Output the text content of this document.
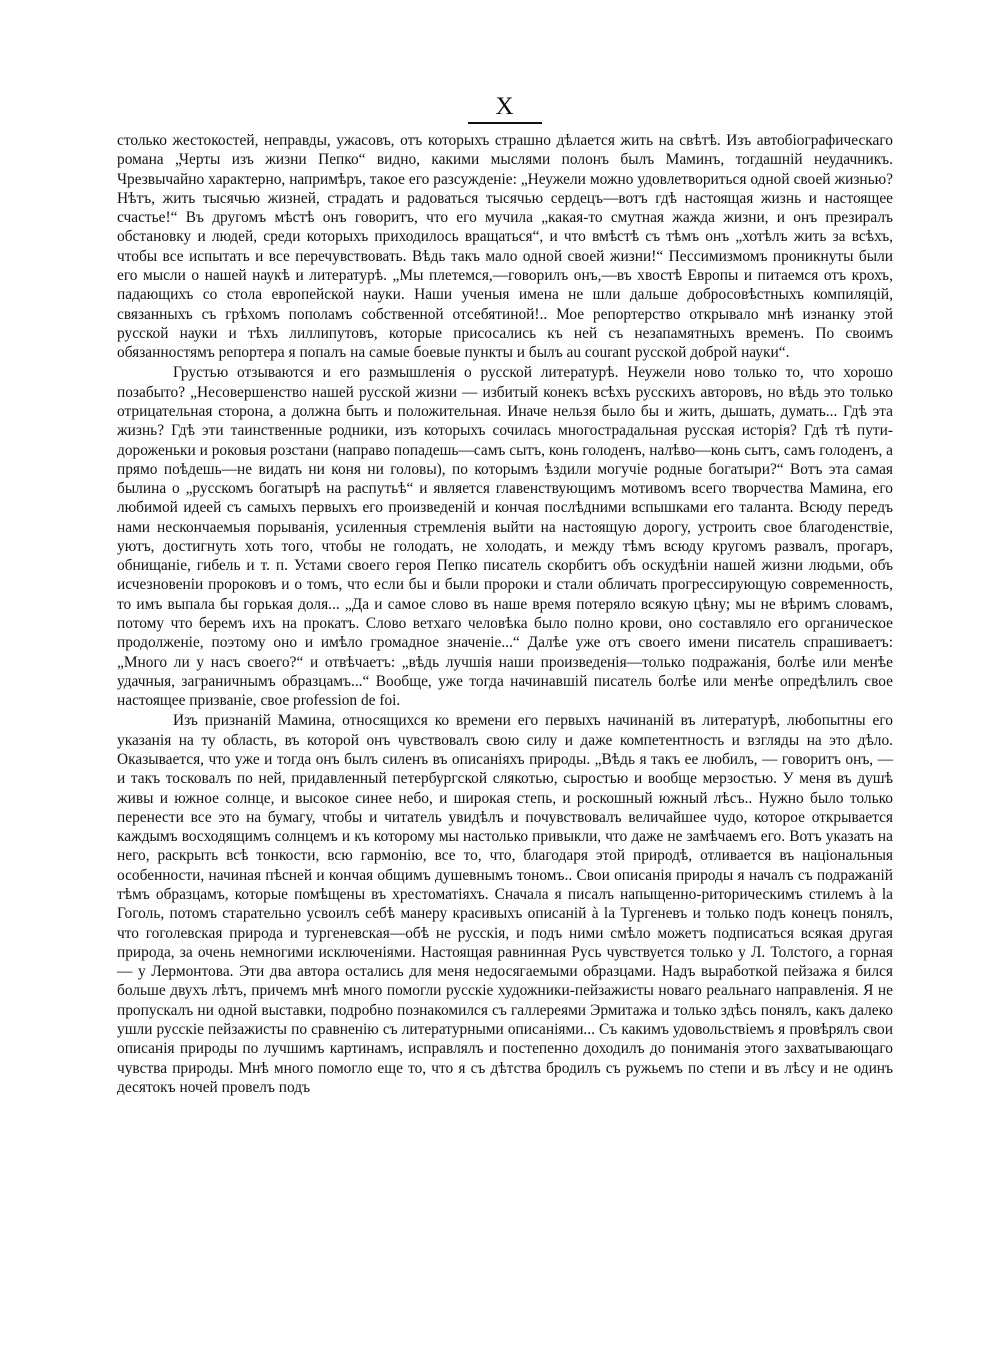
X

столько жестокостей, неправды, ужасовъ, отъ которыхъ страшно дѣлается жить на свѣтѣ. Изъ автобіографическаго романа „Черты изъ жизни Пепко“ видно, какими мыслями полонъ былъ Маминъ, тогдашній неудачникъ. Чрезвычайно характерно, напримѣръ, такое его разсужденіе: „Неужели можно удовлетвориться одной своей жизнью? Нѣтъ, жить тысячью жизней, страдать и радоваться тысячью сердецъ—вотъ гдѣ настоящая жизнь и настоящее счастье!“ Въ другомъ мѣстѣ онъ говоритъ, что его мучила „какая-то смутная жажда жизни, и онъ презиралъ обстановку и людей, среди которыхъ приходилось вращаться“, и что вмѣстѣ съ тѣмъ онъ „хотѣлъ жить за всѣхъ, чтобы все испытать и все перечувствовать. Вѣдь такъ мало одной своей жизни!“ Пессимизмомъ проникнуты были его мысли о нашей наукѣ и литературѣ. „Мы плетемся,—говорилъ онъ,—въ хвостѣ Европы и питаемся отъ крохъ, падающихъ со стола европейской науки. Наши ученыя имена не шли дальше добросовѣстныхъ компиляцій, связанныхъ съ грѣхомъ пополамъ собственной отсебятиной!.. Мое репортерство открывало мнѣ изнанку этой русской науки и тѣхъ лиллипутовъ, которые присосались къ ней съ незапамятныхъ временъ. По своимъ обязанностямъ репортера я попалъ на самые боевые пункты и былъ au courant русской доброй науки“.

Грустью отзываются и его размышленія о русской литературѣ. Неужели ново только то, что хорошо позабыто? „Несовершенство нашей русской жизни — избитый конекъ всѣхъ русскихъ авторовъ, но вѣдь это только отрицательная сторона, а должна быть и положительная. Иначе нельзя было бы и жить, дышать, думать... Гдѣ эта жизнь? Гдѣ эти таинственные родники, изъ которыхъ сочилась многострадальная русская исторія? Гдѣ тѣ пути-дороженьки и роковыя розстани (направо попадешь—самъ сытъ, конь голоденъ, налѣво—конь сытъ, самъ голоденъ, а прямо поѣдешь—не видать ни коня ни головы), по которымъ ѣздили могучіе родные богатыри?“ Вотъ эта самая былина о „русскомъ богатырѣ на распутьѣ“ и является главенствующимъ мотивомъ всего творчества Мамина, его любимой идеей съ самыхъ первыхъ его произведеній и кончая послѣдними вспышками его таланта. Всюду передъ нами нескончаемыя порыванія, усиленныя стремленія выйти на настоящую дорогу, устроить свое благоденствіе, уютъ, достигнуть хоть того, чтобы не голодать, не холодать, и между тѣмъ всюду кругомъ развалъ, прогаръ, обнищаніе, гибель и т. п. Устами своего героя Пепко писатель скорбитъ объ оскудѣніи нашей жизни людьми, объ исчезновеніи пророковъ и о томъ, что если бы и были пророки и стали обличать прогрессирующую современность, то имъ выпала бы горькая доля... „Да и самое слово въ наше время потеряло всякую цѣну; мы не вѣримъ словамъ, потому что беремъ ихъ на прокатъ. Слово ветхаго человѣка было полно крови, оно составляло его органическое продолженіе, поэтому оно и имѣло громадное значеніе...“ Далѣе уже отъ своего имени писатель спрашиваетъ: „Много ли у насъ своего?“ и отвѣчаетъ: „вѣдь лучшія наши произведенія—только подражанія, болѣе или менѣе удачныя, заграничнымъ образцамъ...“ Вообще, уже тогда начинавшій писатель болѣе или менѣе опредѣлилъ свое настоящее призваніе, свое profession de foi.

Изъ признаній Мамина, относящихся ко времени его первыхъ начинаній въ литературѣ, любопытны его указанія на ту область, въ которой онъ чувствовалъ свою силу и даже компетентность и взгляды на это дѣло. Оказывается, что уже и тогда онъ былъ силенъ въ описаніяхъ природы. „Вѣдь я такъ ее любилъ, — говоритъ онъ, — и такъ тосковалъ по ней, придавленный петербургской слякотью, сыростью и вообще мерзостью. У меня въ душѣ живы и южное солнце, и высокое синее небо, и широкая степь, и роскошный южный лѣсъ.. Нужно было только перенести все это на бумагу, чтобы и читатель увидѣлъ и почувствовалъ величайшее чудо, которое открывается каждымъ восходящимъ солнцемъ и къ которому мы настолько привыкли, что даже не замѣчаемъ его. Вотъ указать на него, раскрыть всѣ тонкости, всю гармонію, все то, что, благодаря этой природѣ, отливается въ національныя особенности, начиная пѣсней и кончая общимъ душевнымъ тономъ.. Свои описанія природы я началъ съ подражаній тѣмъ образцамъ, которые помѣщены въ хрестоматіяхъ. Сначала я писалъ напыщенно-риторическимъ стилемъ à la Гоголь, потомъ старательно усвоилъ себѣ манеру красивыхъ описаній à la Тургеневъ и только подъ конецъ понялъ, что гоголевская природа и тургеневская—обѣ не русскія, и подъ ними смѣло можетъ подписаться всякая другая природа, за очень немногими исключеніями. Настоящая равнинная Русь чувствуется только у Л. Толстого, а горная — у Лермонтова. Эти два автора остались для меня недосягаемыми образцами. Надъ выработкой пейзажа я бился больше двухъ лѣтъ, причемъ мнѣ много помогли русскіе художники-пейзажисты новаго реальнаго направленія. Я не пропускалъ ни одной выставки, подробно познакомился съ галлереями Эрмитажа и только здѣсь понялъ, какъ далеко ушли русскіе пейзажисты по сравненію съ литературными описаніями... Съ какимъ удовольствіемъ я провѣрялъ свои описанія природы по лучшимъ картинамъ, исправлялъ и постепенно доходилъ до пониманія этого захватывающаго чувства природы. Мнѣ много помогло еще то, что я съ дѣтства бродилъ съ ружьемъ по степи и въ лѣсу и не одинъ десятокъ ночей провелъ подъ
